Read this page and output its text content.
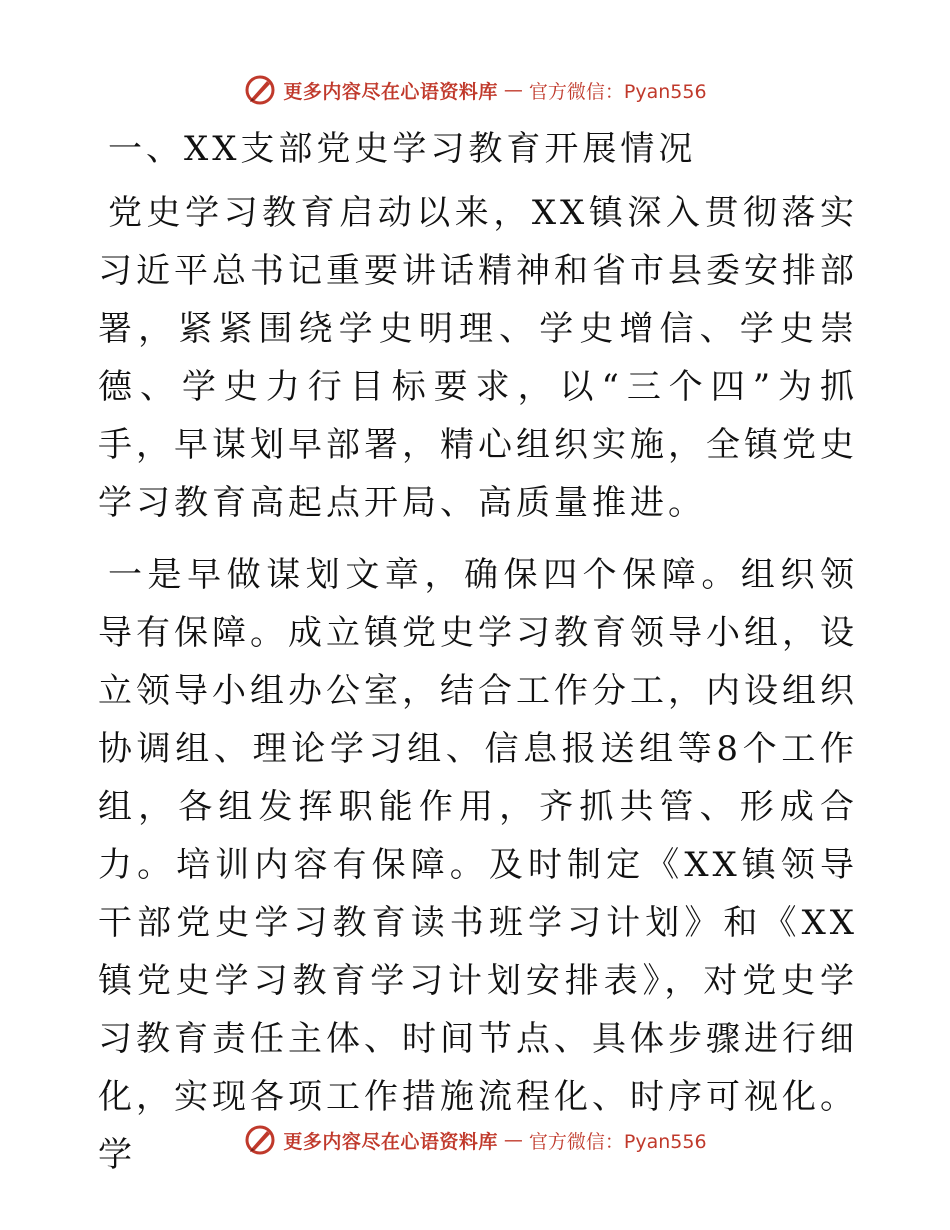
更多内容尽在心语资料库 — 官方微信：Pyan556
一、XX支部党史学习教育开展情况

党史学习教育启动以来，XX镇深入贯彻落实习近平总书记重要讲话精神和省市县委安排部署，紧紧围绕学史明理、学史增信、学史崇德、学史力行目标要求，以“三个四”为抓手，早谋划早部署，精心组织实施，全镇党史学习教育高起点开局、高质量推进。

一是早做谋划文章，确保四个保障。组织领导有保障。成立镇党史学习教育领导小组，设立领导小组办公室，结合工作分工，内设组织协调组、理论学习组、信息报送组等8个工作组，各组发挥职能作用，齐抓共管、形成合力。培训内容有保障。及时制定《XX镇领导干部党史学习教育读书班学习计划》和《XX镇党史学习教育学习计划安排表》，对党史学习教育责任主体、时间节点、具体步骤进行细化，实现各项工作措施流程化、时序可视化。学	更多内容尽在心语资料库 — 官方微信：Pyan556
